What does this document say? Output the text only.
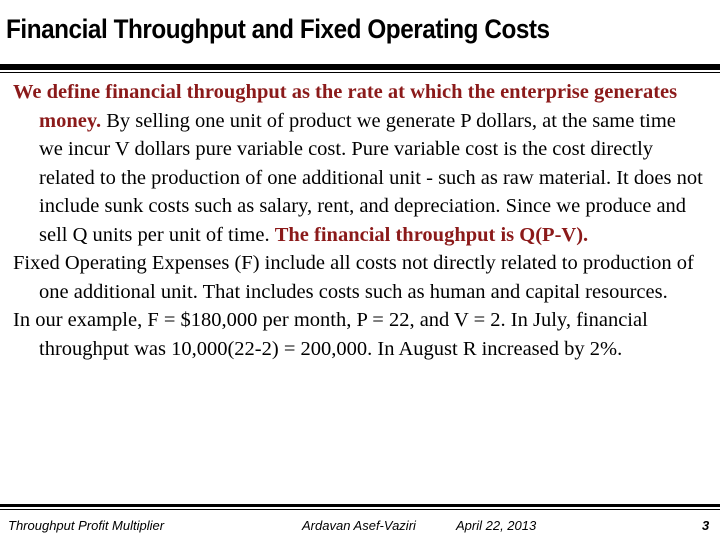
Financial Throughput and Fixed Operating Costs

We define financial throughput as the rate at which the enterprise generates money. By selling one unit of product we generate P dollars, at the same time we incur V dollars pure variable cost. Pure variable cost is the cost directly related to the production of one additional unit - such as raw material. It does not include sunk costs such as salary, rent, and depreciation. Since we produce and sell Q units per unit of time. The financial throughput is Q(P-V).

Fixed Operating Expenses (F) include all costs not directly related to production of one additional unit. That includes costs such as human and capital resources.

In our example, F = $180,000 per month, P = 22, and V = 2. In July, financial throughput was 10,000(22-2) = 200,000. In August R increased by 2%.

Throughput Profit Multiplier	Ardavan Asef-Vaziri	April 22, 2013	3
